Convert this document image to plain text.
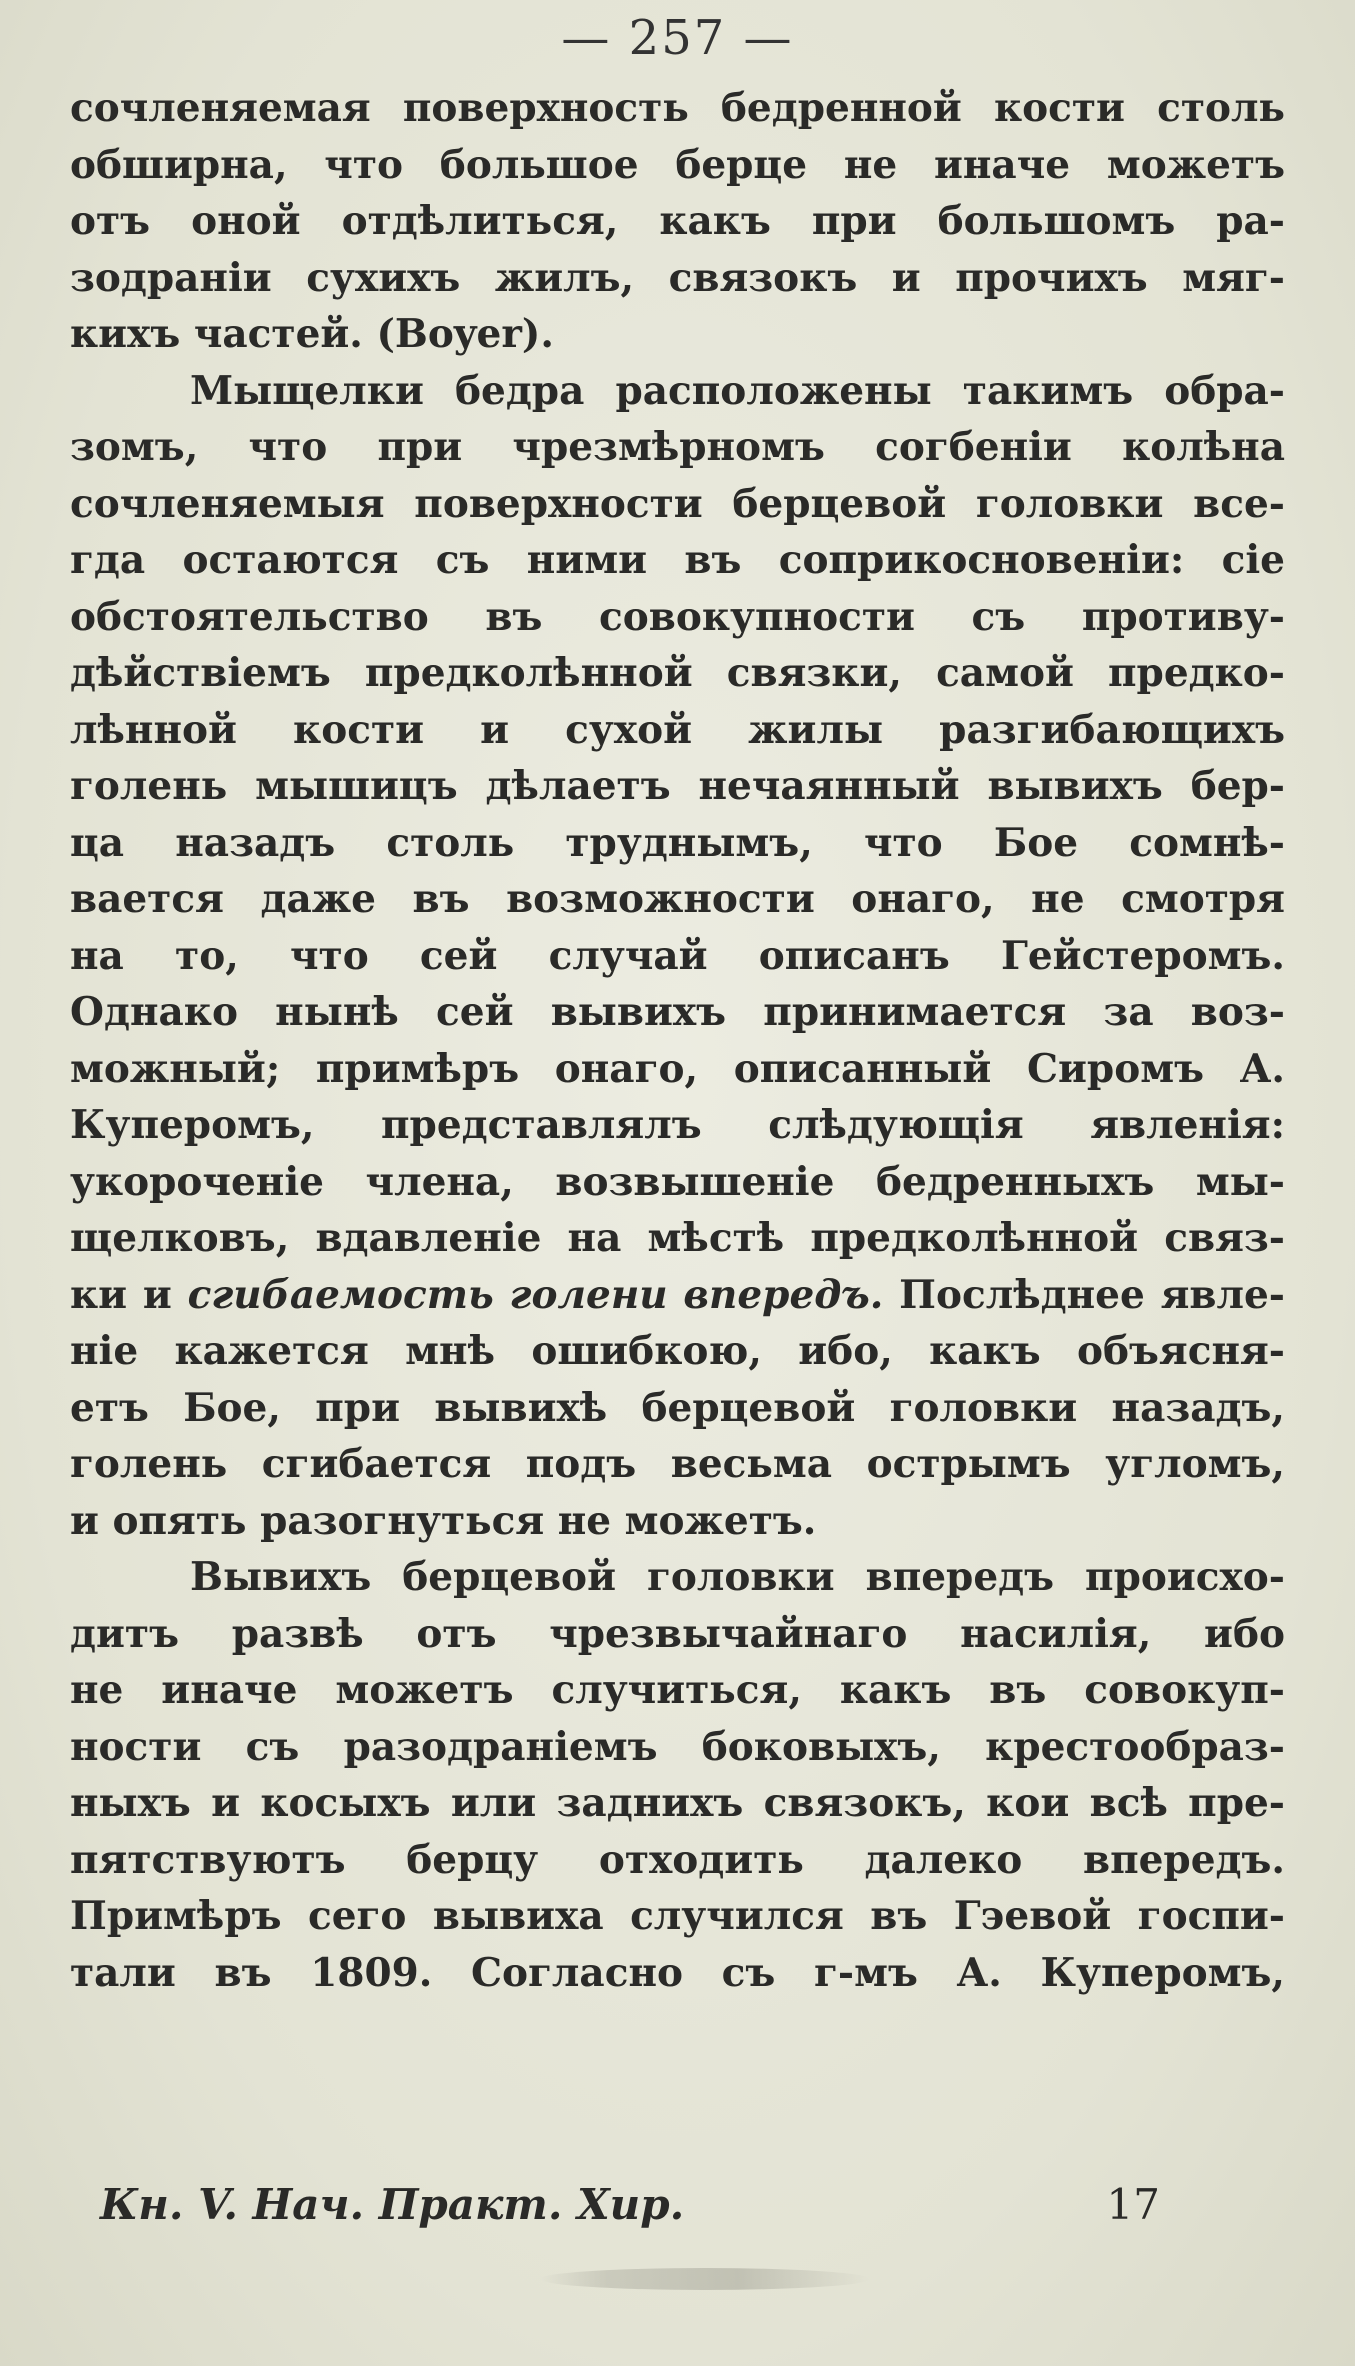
— 257 —
сочленяемая поверхность бедренной кости столь
обширна, что большое берце не иначе можетъ
отъ оной отдѣлиться, какъ при большомъ ра-
зодраніи сухихъ жилъ, связокъ и прочихъ мяг-
кихъ частей. (Boyer).
Мыщелки бедра расположены такимъ обра-
зомъ, что при чрезмѣрномъ согбеніи колѣна
сочленяемыя поверхности берцевой головки все-
гда остаются съ ними въ соприкосновеніи: сіе
обстоятельство въ совокупности съ противу-
дѣйствіемъ предколѣнной связки, самой предко-
лѣнной кости и сухой жилы разгибающихъ
голень мышицъ дѣлаетъ нечаянный вывихъ бер-
ца назадъ столь труднымъ, что Бое сомнѣ-
вается даже въ возможности онаго, не смотря
на то, что сей случай описанъ Гейстеромъ.
Однако нынѣ сей вывихъ принимается за воз-
можный; примѣръ онаго, описанный Сиромъ А.
Куперомъ, представлялъ слѣдующія явленія:
укороченіе члена, возвышеніе бедренныхъ мы-
щелковъ, вдавленіе на мѣстѣ предколѣнной связ-
ки и сгибаемость голени впередъ. Послѣднее явле-
ніе кажется мнѣ ошибкою, ибо, какъ объясня-
етъ Бое, при вывихѣ берцевой головки назадъ,
голень сгибается подъ весьма острымъ угломъ,
и опять разогнуться не можетъ.
Вывихъ берцевой головки впередъ происхо-
дитъ развѣ отъ чрезвычайнаго насилія, ибо
не иначе можетъ случиться, какъ въ совокуп-
ности съ разодраніемъ боковыхъ, крестообраз-
ныхъ и косыхъ или заднихъ связокъ, кои всѣ пре-
пятствуютъ берцу отходить далеко впередъ.
Примѣръ сего вывиха случился въ Гэевой госпи-
тали въ 1809. Согласно съ г-мъ А. Куперомъ,
Кн. V. Нач. Практ. Хир.	17
